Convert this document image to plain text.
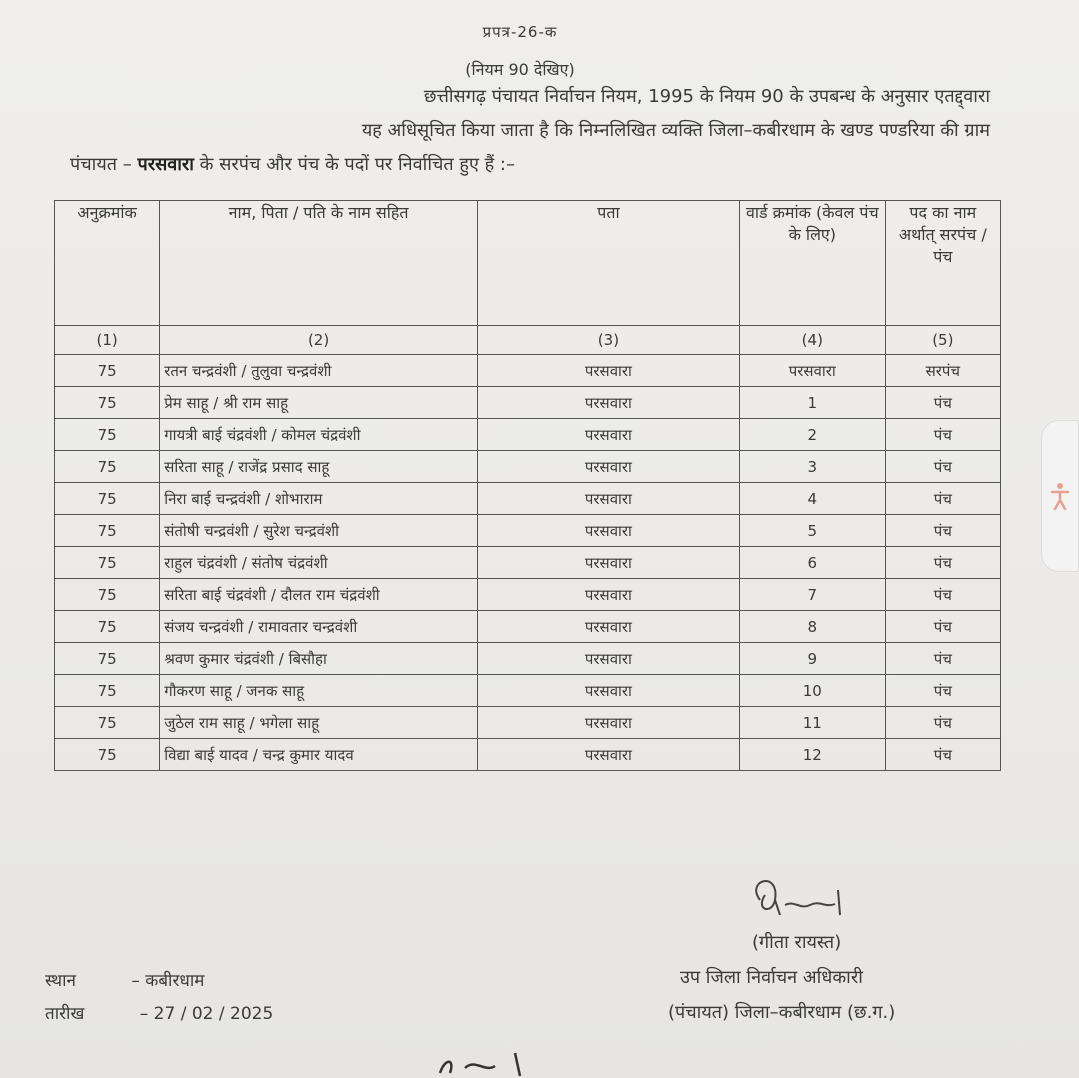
प्रपत्र-26-क
(नियम 90 देखिए)
छत्तीसगढ़ पंचायत निर्वाचन नियम, 1995 के नियम 90 के उपबन्ध के अनुसार एतद्द्वारा
यह अधिसूचित किया जाता है कि निम्नलिखित व्यक्ति जिला–कबीरधाम के खण्ड पण्डरिया की ग्राम
पंचायत – परसवारा के सरपंच और पंच के पदों पर निर्वाचित हुए हैं :–
अनुक्रमांक	नाम, पिता / पति के नाम सहित	पता	वार्ड क्रमांक (केवल पंच के लिए)	पद का नाम अर्थात् सरपंच / पंच
(1)	(2)	(3)	(4)	(5)
75	रतन चन्द्रवंशी / तुलुवा चन्द्रवंशी	परसवारा	परसवारा	सरपंच
75	प्रेम साहू / श्री राम साहू	परसवारा	1	पंच
75	गायत्री बाई चंद्रवंशी / कोमल चंद्रवंशी	परसवारा	2	पंच
75	सरिता साहू / राजेंद्र प्रसाद साहू	परसवारा	3	पंच
75	निरा बाई चन्द्रवंशी / शोभाराम	परसवारा	4	पंच
75	संतोषी चन्द्रवंशी / सुरेश चन्द्रवंशी	परसवारा	5	पंच
75	राहुल चंद्रवंशी / संतोष चंद्रवंशी	परसवारा	6	पंच
75	सरिता बाई चंद्रवंशी / दौलत राम चंद्रवंशी	परसवारा	7	पंच
75	संजय चन्द्रवंशी / रामावतार चन्द्रवंशी	परसवारा	8	पंच
75	श्रवण कुमार चंद्रवंशी / बिसौहा	परसवारा	9	पंच
75	गौकरण साहू / जनक साहू	परसवारा	10	पंच
75	जुठेल राम साहू / भगेला साहू	परसवारा	11	पंच
75	विद्या बाई यादव / चन्द्र कुमार यादव	परसवारा	12	पंच
(गीता रायस्त)
उप जिला निर्वाचन अधिकारी
(पंचायत) जिला–कबीरधाम (छ.ग.)
स्थान	– कबीरधाम
तारीख	– 27 / 02 / 2025
